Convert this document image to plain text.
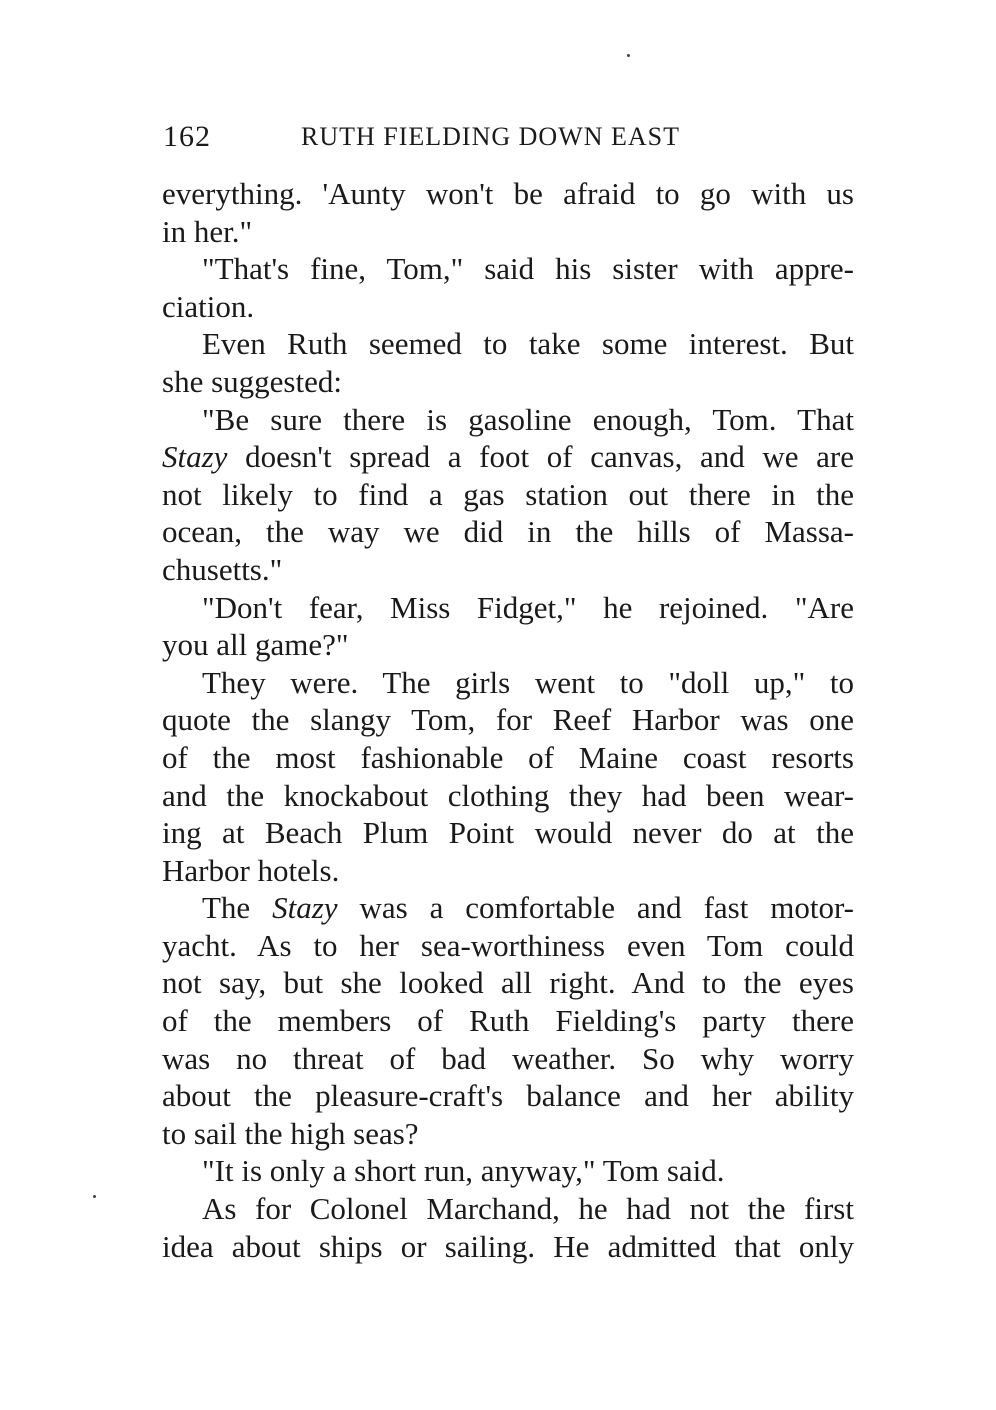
162	RUTH FIELDING DOWN EAST
everything. 'Aunty won't be afraid to go with us
in her."
"That's fine, Tom," said his sister with appre-
ciation.
Even Ruth seemed to take some interest. But
she suggested:
"Be sure there is gasoline enough, Tom. That
Stazy doesn't spread a foot of canvas, and we are
not likely to find a gas station out there in the
ocean, the way we did in the hills of Massa-
chusetts."
"Don't fear, Miss Fidget," he rejoined. "Are
you all game?"
They were. The girls went to "doll up," to
quote the slangy Tom, for Reef Harbor was one
of the most fashionable of Maine coast resorts
and the knockabout clothing they had been wear-
ing at Beach Plum Point would never do at the
Harbor hotels.
The Stazy was a comfortable and fast motor-
yacht. As to her sea-worthiness even Tom could
not say, but she looked all right. And to the eyes
of the members of Ruth Fielding's party there
was no threat of bad weather. So why worry
about the pleasure-craft's balance and her ability
to sail the high seas?
"It is only a short run, anyway," Tom said.
As for Colonel Marchand, he had not the first
idea about ships or sailing. He admitted that only
